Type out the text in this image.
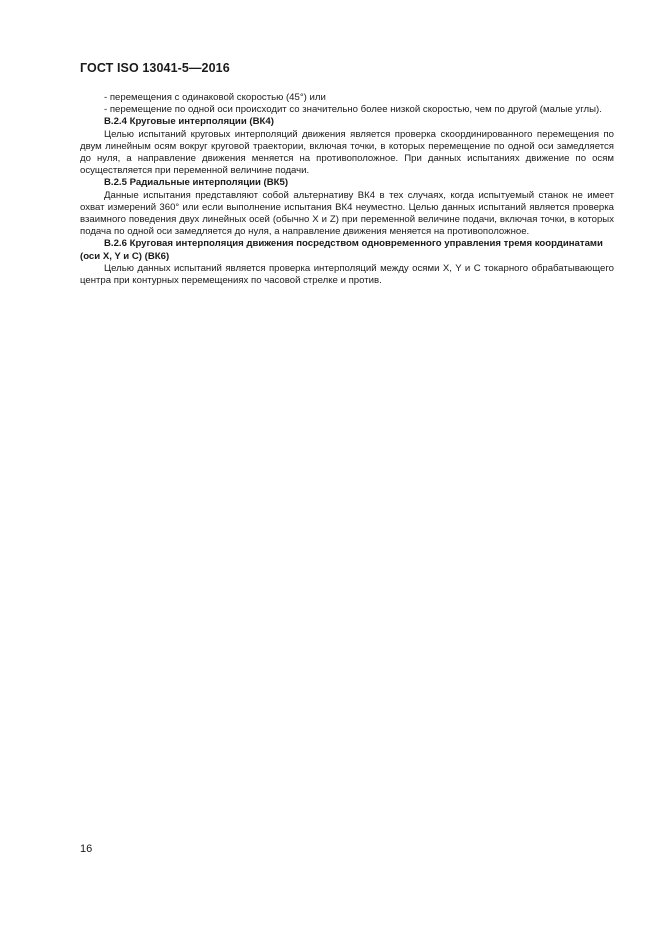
ГОСТ ISO 13041-5—2016

- перемещения с одинаковой скоростью (45°) или

- перемещение по одной оси происходит со значительно более низкой скоростью, чем по другой (малые углы).

В.2.4 Круговые интерполяции (ВК4)

Целью испытаний круговых интерполяций движения является проверка скоординированного перемещения по двум линейным осям вокруг круговой траектории, включая точки, в которых перемещение по одной оси замедляется до нуля, а направление движения меняется на противоположное. При данных испытаниях движение по осям осуществляется при переменной величине подачи.

В.2.5 Радиальные интерполяции (ВК5)

Данные испытания представляют собой альтернативу ВК4 в тех случаях, когда испытуемый станок не имеет охват измерений 360° или если выполнение испытания ВК4 неуместно. Целью данных испытаний является проверка взаимного поведения двух линейных осей (обычно X и Z) при переменной величине подачи, включая точки, в которых подача по одной оси замедляется до нуля, а направление движения меняется на противоположное.

В.2.6 Круговая интерполяция движения посредством одновременного управления тремя координатами (оси X, Y и C) (ВК6)

Целью данных испытаний является проверка интерполяций между осями X, Y и C токарного обрабатывающего центра при контурных перемещениях по часовой стрелке и против.

16
